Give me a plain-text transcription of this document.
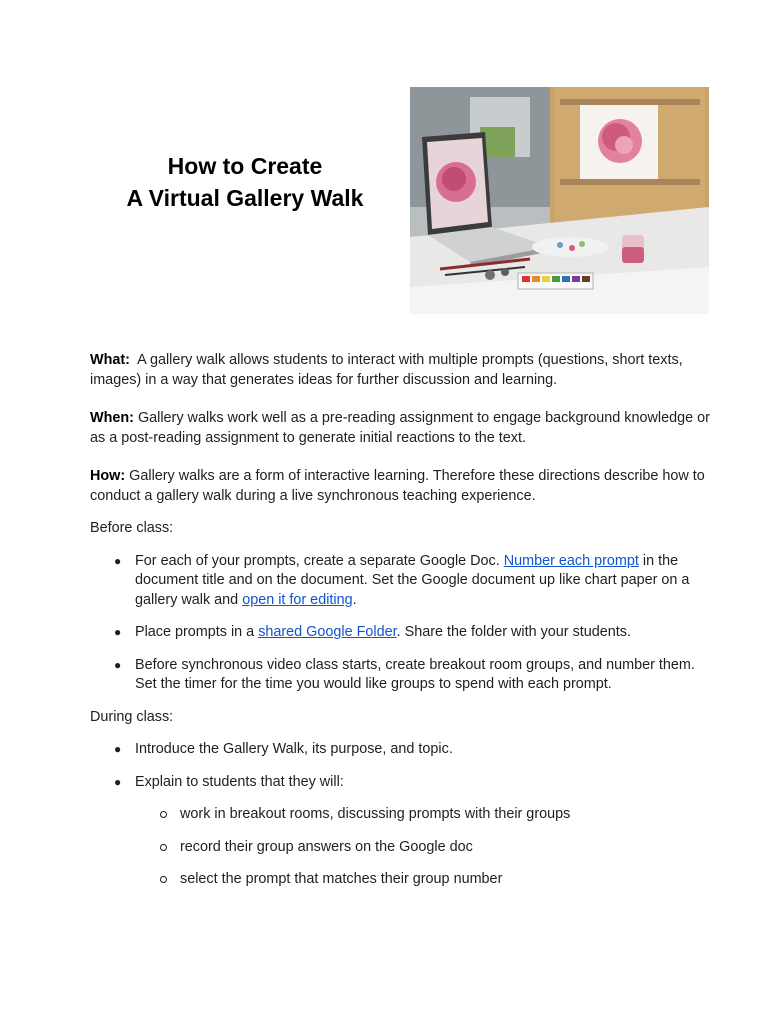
How to Create
A Virtual Gallery Walk

What:  A gallery walk allows students to interact with multiple prompts (questions, short texts, images) in a way that generates ideas for further discussion and learning.

When: Gallery walks work well as a pre-reading assignment to engage background knowledge or as a post-reading assignment to generate initial reactions to the text.

How: Gallery walks are a form of interactive learning. Therefore these directions describe how to conduct a gallery walk during a live synchronous teaching experience.

Before class:

● For each of your prompts, create a separate Google Doc. Number each prompt in the document title and on the document. Set the Google document up like chart paper on a gallery walk and open it for editing.
● Place prompts in a shared Google Folder. Share the folder with your students.
● Before synchronous video class starts, create breakout room groups, and number them. Set the timer for the time you would like groups to spend with each prompt.

During class:

● Introduce the Gallery Walk, its purpose, and topic.
● Explain to students that they will:
work in breakout rooms, discussing prompts with their groups
record their group answers on the Google doc
select the prompt that matches their group number
